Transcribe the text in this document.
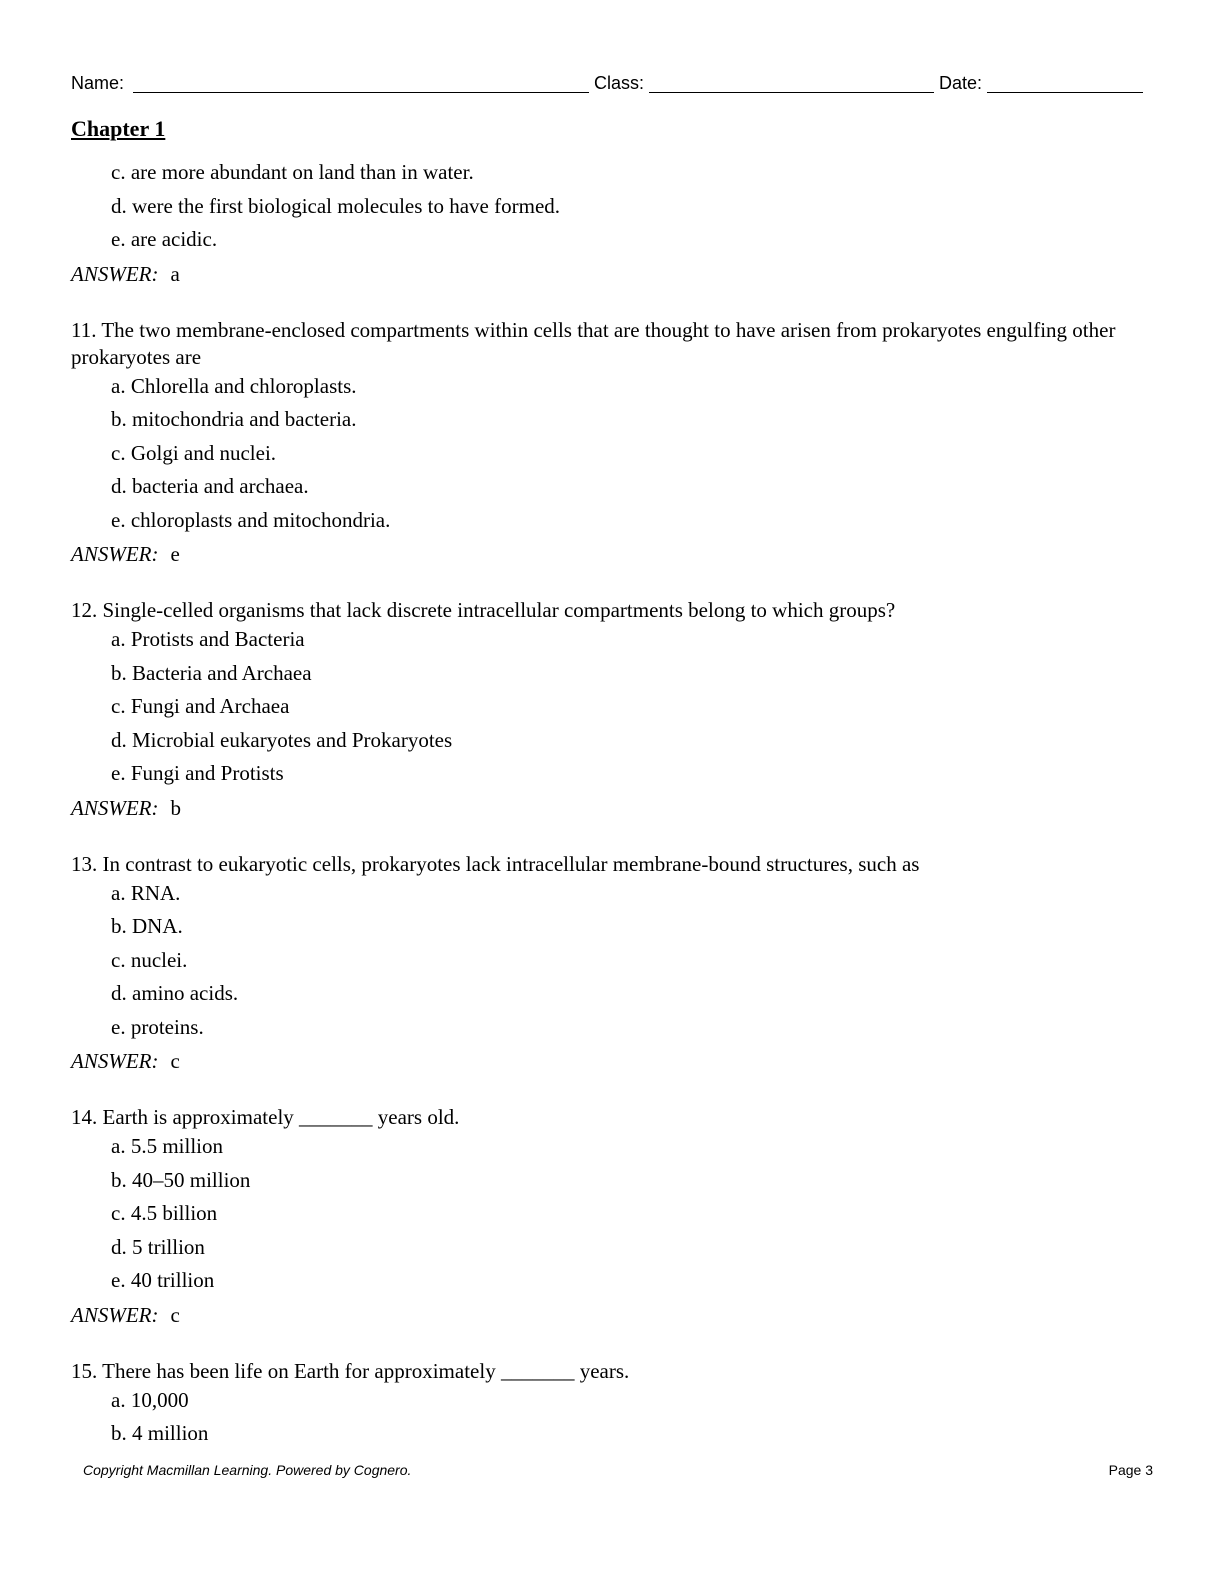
Name:	Class:	Date:
Chapter 1
c. are more abundant on land than in water.
d. were the first biological molecules to have formed.
e. are acidic.
ANSWER: a
11. The two membrane-enclosed compartments within cells that are thought to have arisen from prokaryotes engulfing other prokaryotes are
a. Chlorella and chloroplasts.
b. mitochondria and bacteria.
c. Golgi and nuclei.
d. bacteria and archaea.
e. chloroplasts and mitochondria.
ANSWER: e
12. Single-celled organisms that lack discrete intracellular compartments belong to which groups?
a. Protists and Bacteria
b. Bacteria and Archaea
c. Fungi and Archaea
d. Microbial eukaryotes and Prokaryotes
e. Fungi and Protists
ANSWER: b
13. In contrast to eukaryotic cells, prokaryotes lack intracellular membrane-bound structures, such as
a. RNA.
b. DNA.
c. nuclei.
d. amino acids.
e. proteins.
ANSWER: c
14. Earth is approximately _______ years old.
a. 5.5 million
b. 40–50 million
c. 4.5 billion
d. 5 trillion
e. 40 trillion
ANSWER: c
15. There has been life on Earth for approximately _______ years.
a. 10,000
b. 4 million
Copyright Macmillan Learning. Powered by Cognero.	Page 3
